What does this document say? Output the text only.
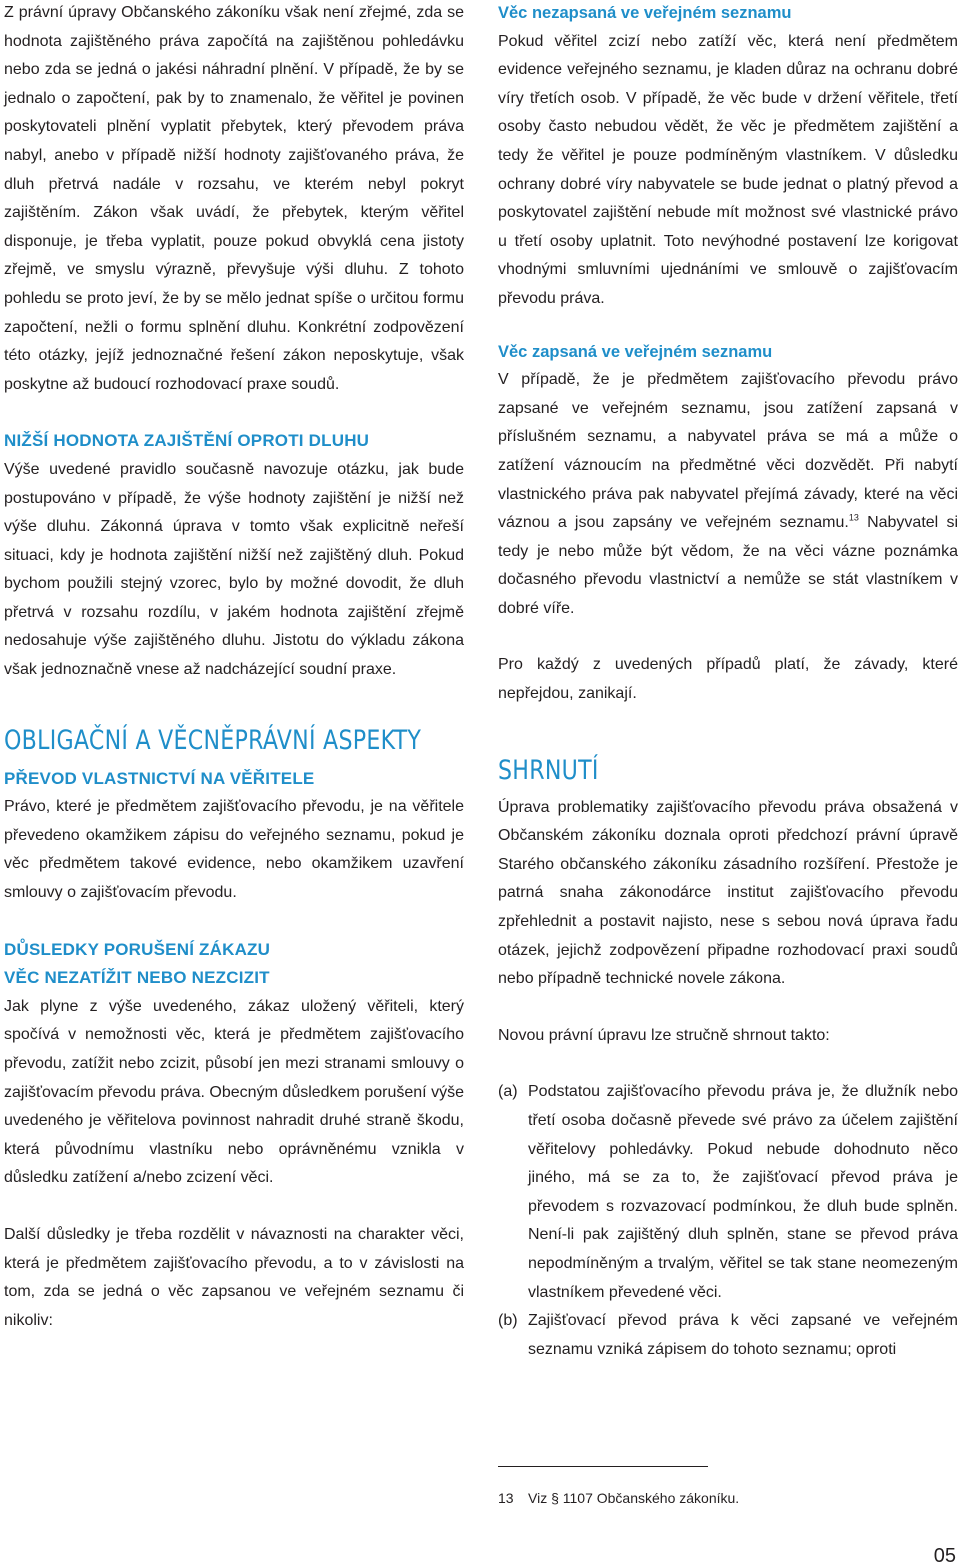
Z právní úpravy Občanského zákoníku však není zřejmé, zda se hodnota zajištěného práva započítá na zajištěnou pohledávku nebo zda se jedná o jakési náhradní plnění. V případě, že by se jednalo o započtení, pak by to znamenalo, že věřitel je povinen poskytovateli plnění vyplatit přebytek, který převodem práva nabyl, anebo v případě nižší hodnoty zajišťovaného práva, že dluh přetrvá nadále v rozsahu, ve kterém nebyl pokryt zajištěním. Zákon však uvádí, že přebytek, kterým věřitel disponuje, je třeba vyplatit, pouze pokud obvyklá cena jistoty zřejmě, ve smyslu výrazně, převyšuje výši dluhu. Z tohoto pohledu se proto jeví, že by se mělo jednat spíše o určitou formu započtení, nežli o formu splnění dluhu. Konkrétní zodpovězení této otázky, jejíž jednoznačné řešení zákon neposkytuje, však poskytne až budoucí rozhodovací praxe soudů.

NIŽŠÍ HODNOTA ZAJIŠTĚNÍ OPROTI DLUHU

Výše uvedené pravidlo současně navozuje otázku, jak bude postupováno v případě, že výše hodnoty zajištění je nižší než výše dluhu. Zákonná úprava v tomto však explicitně neřeší situaci, kdy je hodnota zajištění nižší než zajištěný dluh. Pokud bychom použili stejný vzorec, bylo by možné dovodit, že dluh přetrvá v rozsahu rozdílu, v jakém hodnota zajištění zřejmě nedosahuje výše zajištěného dluhu. Jistotu do výkladu zákona však jednoznačně vnese až nadcházející soudní praxe.

OBLIGAČNÍ A VĚCNĚPRÁVNÍ ASPEKTY
PŘEVOD VLASTNICTVÍ NA VĚŘITELE

Právo, které je předmětem zajišťovacího převodu, je na věřitele převedeno okamžikem zápisu do veřejného seznamu, pokud je věc předmětem takové evidence, nebo okamžikem uzavření smlouvy o zajišťovacím převodu.

DŮSLEDKY PORUŠENÍ ZÁKAZU
VĚC NEZATÍŽIT NEBO NEZCIZIT

Jak plyne z výše uvedeného, zákaz uložený věřiteli, který spočívá v nemožnosti věc, která je předmětem zajišťovacího převodu, zatížit nebo zcizit, působí jen mezi stranami smlouvy o zajišťovacím převodu práva. Obecným důsledkem porušení výše uvedeného je věřitelova povinnost nahradit druhé straně škodu, která původnímu vlastníku nebo oprávněnému vznikla v důsledku zatížení a/nebo zcizení věci.

Další důsledky je třeba rozdělit v návaznosti na charakter věci, která je předmětem zajišťovacího převodu, a to v závislosti na tom, zda se jedná o věc zapsanou ve veřejném seznamu či nikoliv:

Věc nezapsaná ve veřejném seznamu

Pokud věřitel zcizí nebo zatíží věc, která není předmětem evidence veřejného seznamu, je kladen důraz na ochranu dobré víry třetích osob. V případě, že věc bude v držení věřitele, třetí osoby často nebudou vědět, že věc je předmětem zajištění a tedy že věřitel je pouze podmíněným vlastníkem. V důsledku ochrany dobré víry nabyvatele se bude jednat o platný převod a poskytovatel zajištění nebude mít možnost své vlastnické právo u třetí osoby uplatnit. Toto nevýhodné postavení lze korigovat vhodnými smluvními ujednáními ve smlouvě o zajišťovacím převodu práva.

Věc zapsaná ve veřejném seznamu

V případě, že je předmětem zajišťovacího převodu právo zapsané ve veřejném seznamu, jsou zatížení zapsaná v příslušném seznamu, a nabyvatel práva se má a může o zatížení váznoucím na předmětné věci dozvědět. Při nabytí vlastnického práva pak nabyvatel přejímá závady, které na věci váznou a jsou zapsány ve veřejném seznamu.$^{13}$ Nabyvatel si tedy je nebo může být vědom, že na věci vázne poznámka dočasného převodu vlastnictví a nemůže se stát vlastníkem v dobré víře.

Pro každý z uvedených případů platí, že závady, které nepřejdou, zanikají.

SHRNUTÍ

Úprava problematiky zajišťovacího převodu práva obsažená v Občanském zákoníku doznala oproti předchozí právní úpravě Starého občanského zákoníku zásadního rozšíření. Přestože je patrná snaha zákonodárce institut zajišťovacího převodu zpřehlednit a postavit najisto, nese s sebou nová úprava řadu otázek, jejichž zodpovězení připadne rozhodovací praxi soudů nebo případně technické novele zákona.

Novou právní úpravu lze stručně shrnout takto:

(a) Podstatou zajišťovacího převodu práva je, že dlužník nebo třetí osoba dočasně převede své právo za účelem zajištění věřitelovy pohledávky. Pokud nebude dohodnuto něco jiného, má se za to, že zajišťovací převod práva je převodem s rozvazovací podmínkou, že dluh bude splněn. Není-li pak zajištěný dluh splněn, stane se převod práva nepodmíněným a trvalým, věřitel se tak stane neomezeným vlastníkem převedené věci.
(b) Zajišťovací převod práva k věci zapsané ve veřejném seznamu vzniká zápisem do tohoto seznamu; oproti
13 Viz § 1107 Občanského zákoníku.
05
